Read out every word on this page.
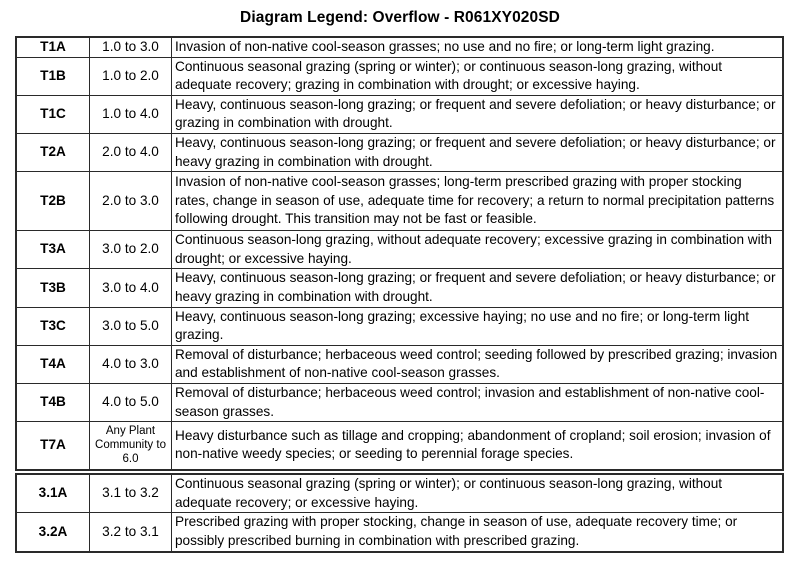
Diagram Legend: Overflow - R061XY020SD
T1A	1.0 to 3.0	Invasion of non-native cool-season grasses; no use and no fire; or long-term light grazing.
T1B	1.0 to 2.0	Continuous seasonal grazing (spring or winter); or continuous season-long grazing, without adequate recovery; grazing in combination with drought; or excessive haying.
T1C	1.0 to 4.0	Heavy, continuous season-long grazing; or frequent and severe defoliation; or heavy disturbance; or grazing in combination with drought.
T2A	2.0 to 4.0	Heavy, continuous season-long grazing; or frequent and severe defoliation; or heavy disturbance; or heavy grazing in combination with drought.
T2B	2.0 to 3.0	Invasion of non-native cool-season grasses; long-term prescribed grazing with proper stocking rates, change in season of use, adequate time for recovery; a return to normal precipitation patterns following drought. This transition may not be fast or feasible.
T3A	3.0 to 2.0	Continuous season-long grazing, without adequate recovery; excessive grazing in combination with drought; or excessive haying.
T3B	3.0 to 4.0	Heavy, continuous season-long grazing; or frequent and severe defoliation; or heavy disturbance; or heavy grazing in combination with drought.
T3C	3.0 to 5.0	Heavy, continuous season-long grazing; excessive haying; no use and no fire; or long-term light grazing.
T4A	4.0 to 3.0	Removal of disturbance; herbaceous weed control; seeding followed by prescribed grazing; invasion and establishment of non-native cool-season grasses.
T4B	4.0 to 5.0	Removal of disturbance; herbaceous weed control; invasion and establishment of non-native cool-season grasses.
T7A	Any Plant Community to 6.0	Heavy disturbance such as tillage and cropping; abandonment of cropland; soil erosion; invasion of non-native weedy species; or seeding to perennial forage species.
3.1A	3.1 to 3.2	Continuous seasonal grazing (spring or winter); or continuous season-long grazing, without adequate recovery; or excessive haying.
3.2A	3.2 to 3.1	Prescribed grazing with proper stocking, change in season of use, adequate recovery time; or possibly prescribed burning in combination with prescribed grazing.
